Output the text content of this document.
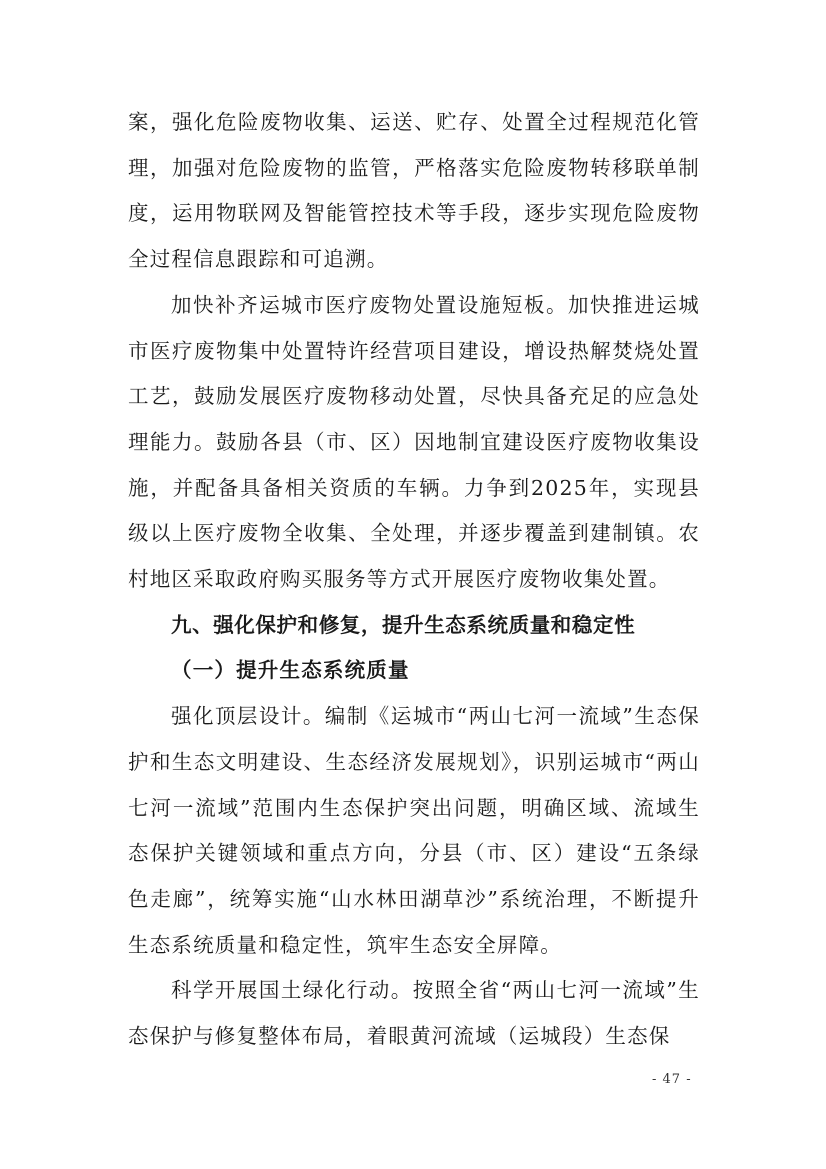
案，强化危险废物收集、运送、贮存、处置全过程规范化管理，加强对危险废物的监管，严格落实危险废物转移联单制度，运用物联网及智能管控技术等手段，逐步实现危险废物全过程信息跟踪和可追溯。

加快补齐运城市医疗废物处置设施短板。加快推进运城市医疗废物集中处置特许经营项目建设，增设热解焚烧处置工艺，鼓励发展医疗废物移动处置，尽快具备充足的应急处理能力。鼓励各县（市、区）因地制宜建设医疗废物收集设施，并配备具备相关资质的车辆。力争到2025年，实现县级以上医疗废物全收集、全处理，并逐步覆盖到建制镇。农村地区采取政府购买服务等方式开展医疗废物收集处置。

九、强化保护和修复，提升生态系统质量和稳定性
（一）提升生态系统质量

强化顶层设计。编制《运城市“两山七河一流域”生态保护和生态文明建设、生态经济发展规划》，识别运城市“两山七河一流域”范围内生态保护突出问题，明确区域、流域生态保护关键领域和重点方向，分县（市、区）建设“五条绿色走廊”，统筹实施“山水林田湖草沙”系统治理，不断提升生态系统质量和稳定性，筑牢生态安全屏障。

科学开展国土绿化行动。按照全省“两山七河一流域”生态保护与修复整体布局，着眼黄河流域（运城段）生态保

- 47 -
